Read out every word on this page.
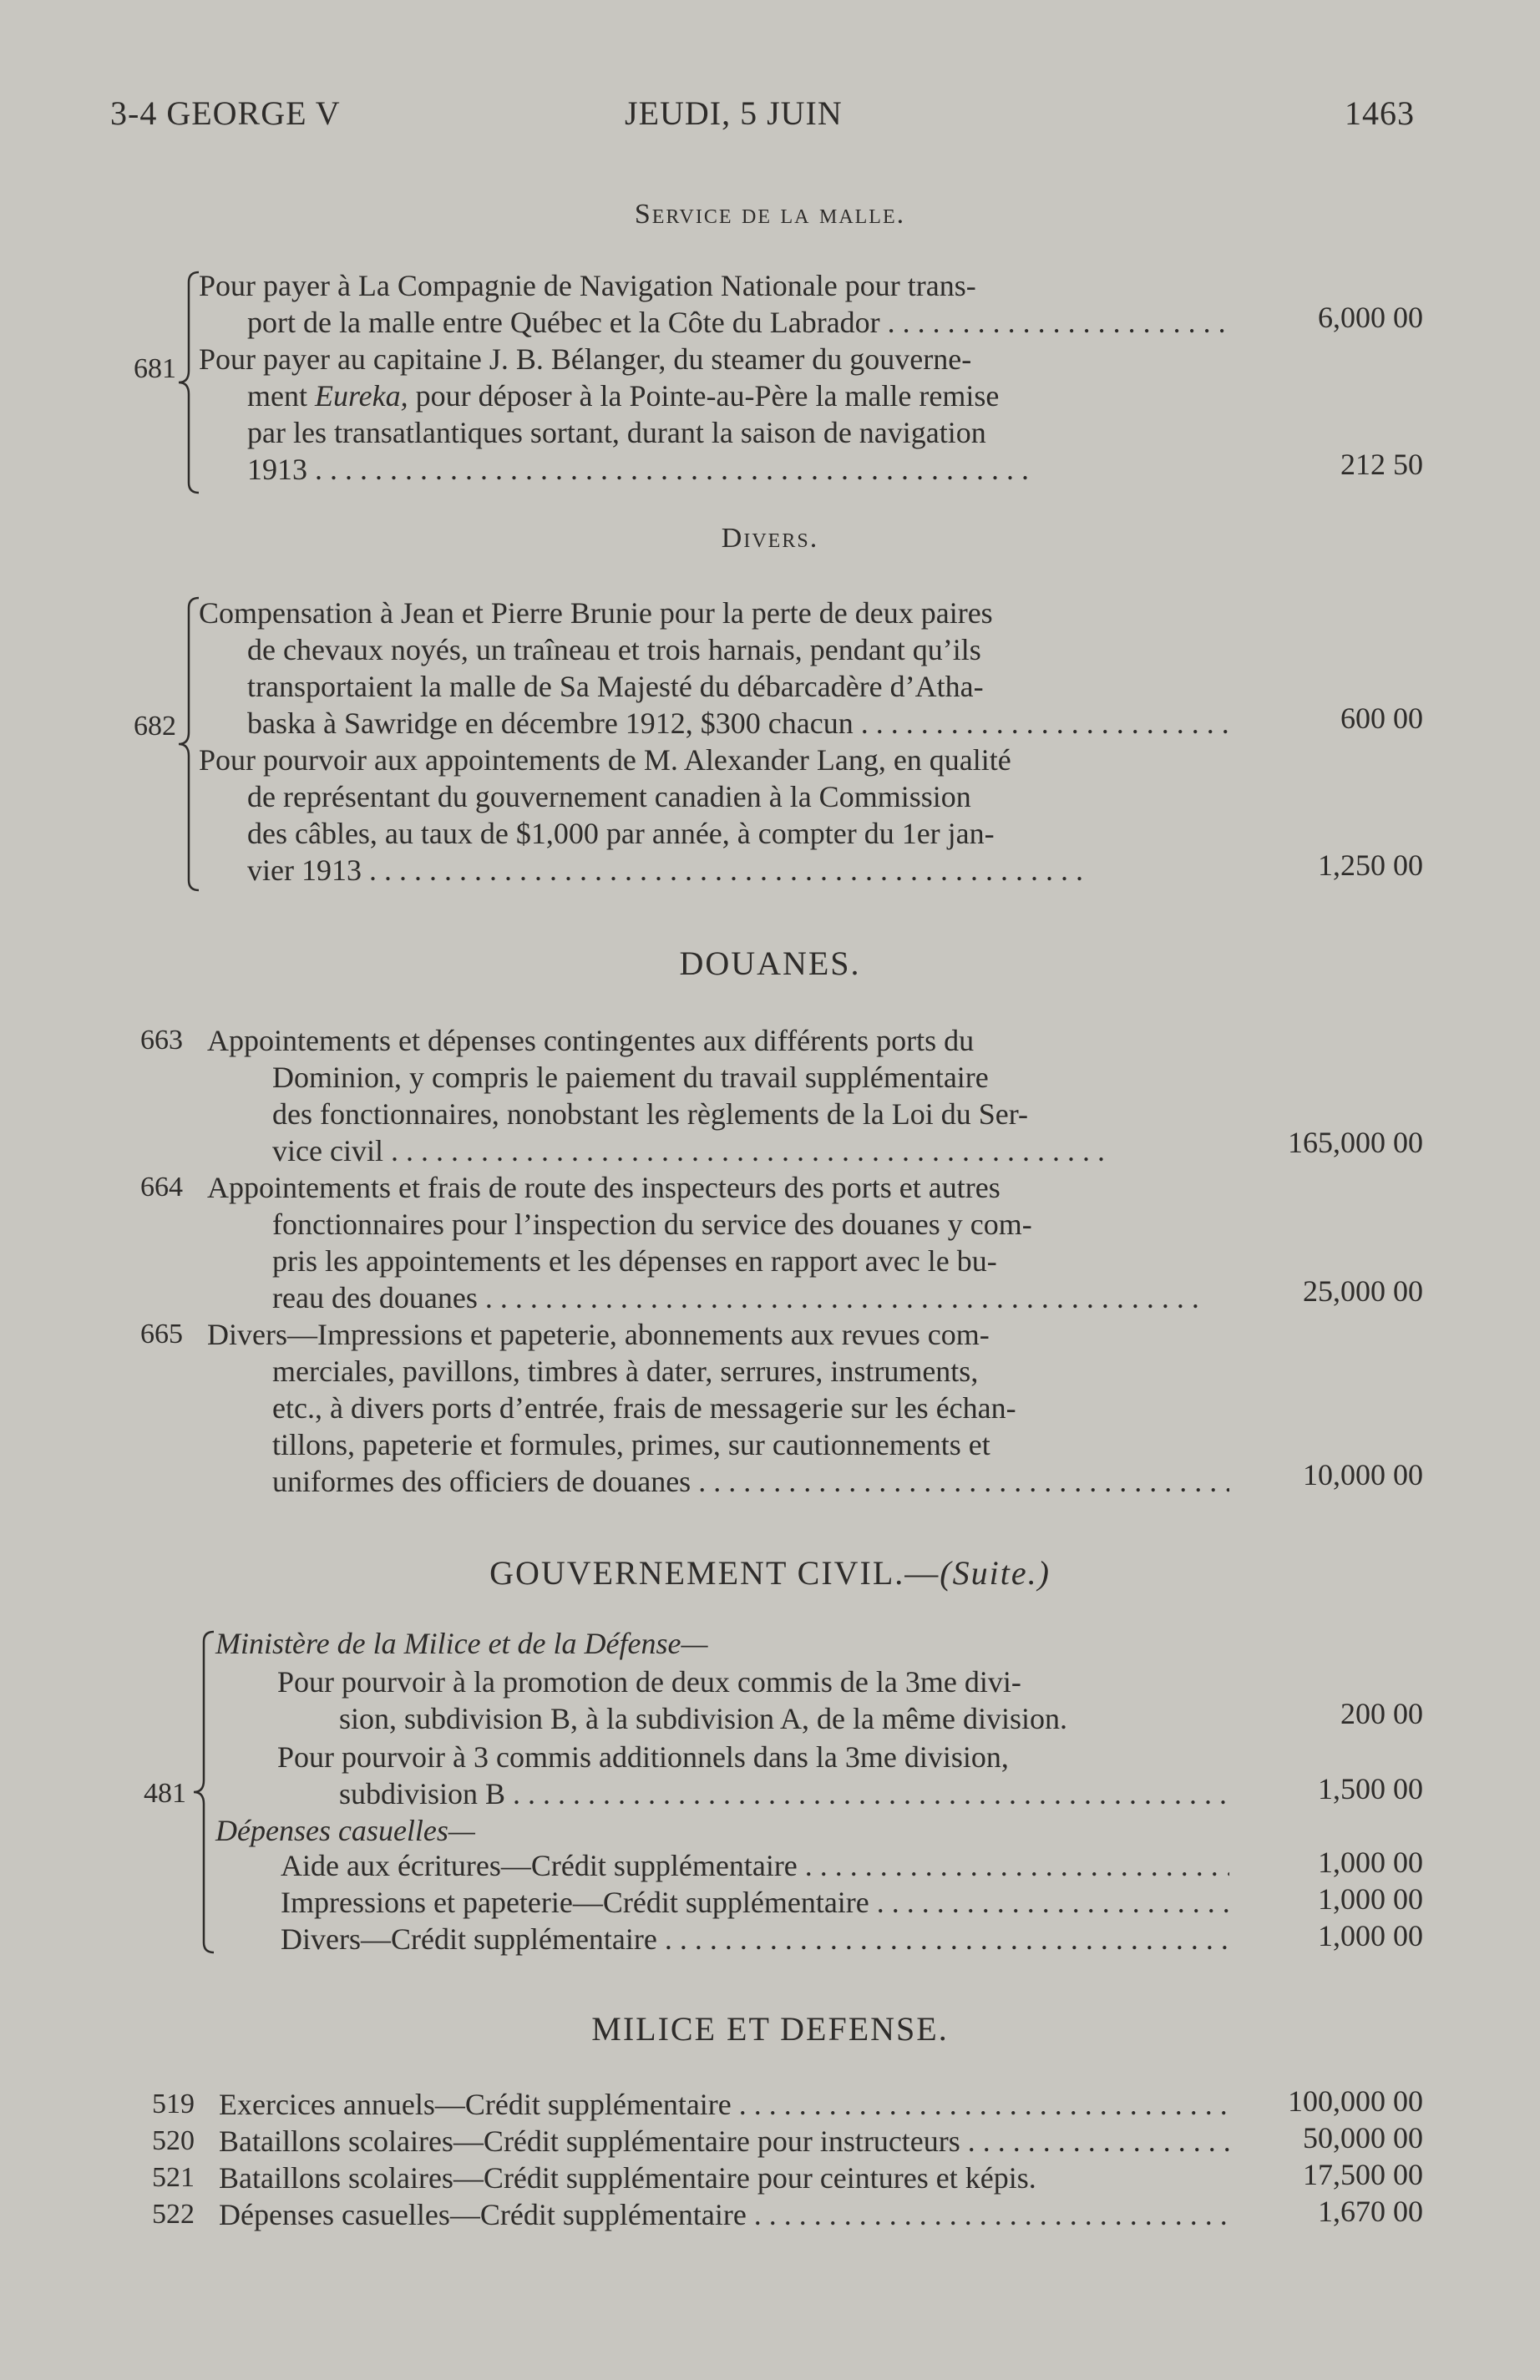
3-4 GEORGE V	JEUDI, 5 JUIN	1463
Service de la malle.
681
Pour payer à La Compagnie de Navigation Nationale pour trans-
port de la malle entre Québec et la Côte du Labrador . . .	6,000 00
Pour payer au capitaine J. B. Bélanger, du steamer du gouverne-
ment Eureka, pour déposer à la Pointe-au-Père la malle remise
par les transatlantiques sortant, durant la saison de navigation
1913 . . .	212 50
Divers.
682
Compensation à Jean et Pierre Brunie pour la perte de deux paires
de chevaux noyés, un traîneau et trois harnais, pendant qu’ils
transportaient la malle de Sa Majesté du débarcadère d’Atha-
baska à Sawridge en décembre 1912, $300 chacun . . .	600 00
Pour pourvoir aux appointements de M. Alexander Lang, en qualité
de représentant du gouvernement canadien à la Commission
des câbles, au taux de $1,000 par année, à compter du 1er jan-
vier 1913 . . .	1,250 00
DOUANES.
663 Appointements et dépenses contingentes aux différents ports du
Dominion, y compris le paiement du travail supplémentaire
des fonctionnaires, nonobstant les règlements de la Loi du Ser-
vice civil . . .	165,000 00
664 Appointements et frais de route des inspecteurs des ports et autres
fonctionnaires pour l’inspection du service des douanes y com-
pris les appointements et les dépenses en rapport avec le bu-
reau des douanes . . .	25,000 00
665 Divers—Impressions et papeterie, abonnements aux revues com-
merciales, pavillons, timbres à dater, serrures, instruments,
etc., à divers ports d’entrée, frais de messagerie sur les échan-
tillons, papeterie et formules, primes, sur cautionnements et
uniformes des officiers de douanes . . .	10,000 00
GOUVERNEMENT CIVIL.—(Suite.)
481
Ministère de la Milice et de la Défense—
Pour pourvoir à la promotion de deux commis de la 3me divi-
sion, subdivision B, à la subdivision A, de la même division.	200 00
Pour pourvoir à 3 commis additionnels dans la 3me division,
subdivision B . . .	1,500 00
Dépenses casuelles—
Aide aux écritures—Crédit supplémentaire . . .	1,000 00
Impressions et papeterie—Crédit supplémentaire . . .	1,000 00
Divers—Crédit supplémentaire . . .	1,000 00
MILICE ET DEFENSE.
519 Exercices annuels—Crédit supplémentaire . . .	100,000 00
520 Bataillons scolaires—Crédit supplémentaire pour instructeurs . . .	50,000 00
521 Bataillons scolaires—Crédit supplémentaire pour ceintures et képis.	17,500 00
522 Dépenses casuelles—Crédit supplémentaire . . .	1,670 00
